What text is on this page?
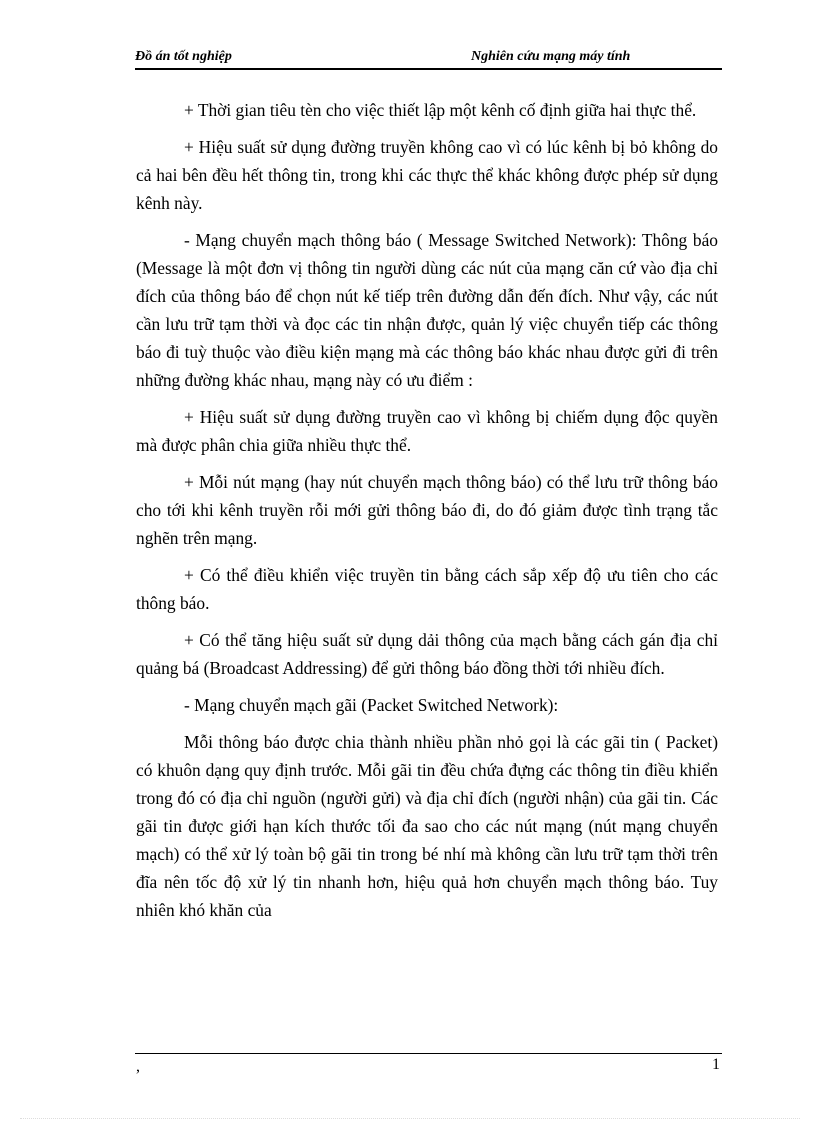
Đồ án tốt nghiệp	Nghiên cứu mạng máy tính

+ Thời gian tiêu tèn cho việc thiết lập một kênh cố định giữa hai thực thể.

+ Hiệu suất sử dụng đường truyền không cao vì có lúc kênh bị bỏ không do cả hai bên đều hết thông tin, trong khi các thực thể khác không được phép sử dụng kênh này.

- Mạng chuyển mạch thông báo ( Message Switched Network): Thông báo (Message là một đơn vị thông tin người dùng các nút của mạng căn cứ vào địa chỉ đích của thông báo để chọn nút kế tiếp trên đường dẫn đến đích. Như vậy, các nút cần lưu trữ tạm thời và đọc các tin nhận được, quản lý việc chuyển tiếp các thông báo đi tuỳ thuộc vào điều kiện mạng mà các thông báo khác nhau được gửi đi trên những đường khác nhau, mạng này có ưu điểm :

+ Hiệu suất sử dụng đường truyền cao vì không bị chiếm dụng độc quyền mà được phân chia giữa nhiều thực thể.

+ Mỗi nút mạng (hay nút chuyển mạch thông báo) có thể lưu trữ thông báo cho tới khi kênh truyền rỗi mới gửi thông báo đi, do đó giảm được tình trạng tắc nghẽn trên mạng.

+ Có thể điều khiển việc truyền tin bằng cách sắp xếp độ ưu tiên cho các thông báo.

+ Có thể tăng hiệu suất sử dụng dải thông của mạch bằng cách gán địa chỉ quảng bá (Broadcast Addressing) để gửi thông báo đồng thời tới nhiều đích.

- Mạng chuyển mạch gãi (Packet Switched Network):

Mỗi thông báo được chia thành nhiều phần nhỏ gọi là các gãi tin ( Packet) có khuôn dạng quy định trước. Mỗi gãi tin đều chứa đựng các thông tin điều khiển trong đó có địa chỉ nguồn (người gửi) và địa chỉ đích (người nhận) của gãi tin. Các gãi tin được giới hạn kích thước tối đa sao cho các nút mạng (nút mạng chuyển mạch) có thể xử lý toàn bộ gãi tin trong bé nhí mà không cần lưu trữ tạm thời trên đĩa nên tốc độ xử lý tin nhanh hơn, hiệu quả hơn chuyển mạch thông báo. Tuy nhiên khó khăn của

,	1
